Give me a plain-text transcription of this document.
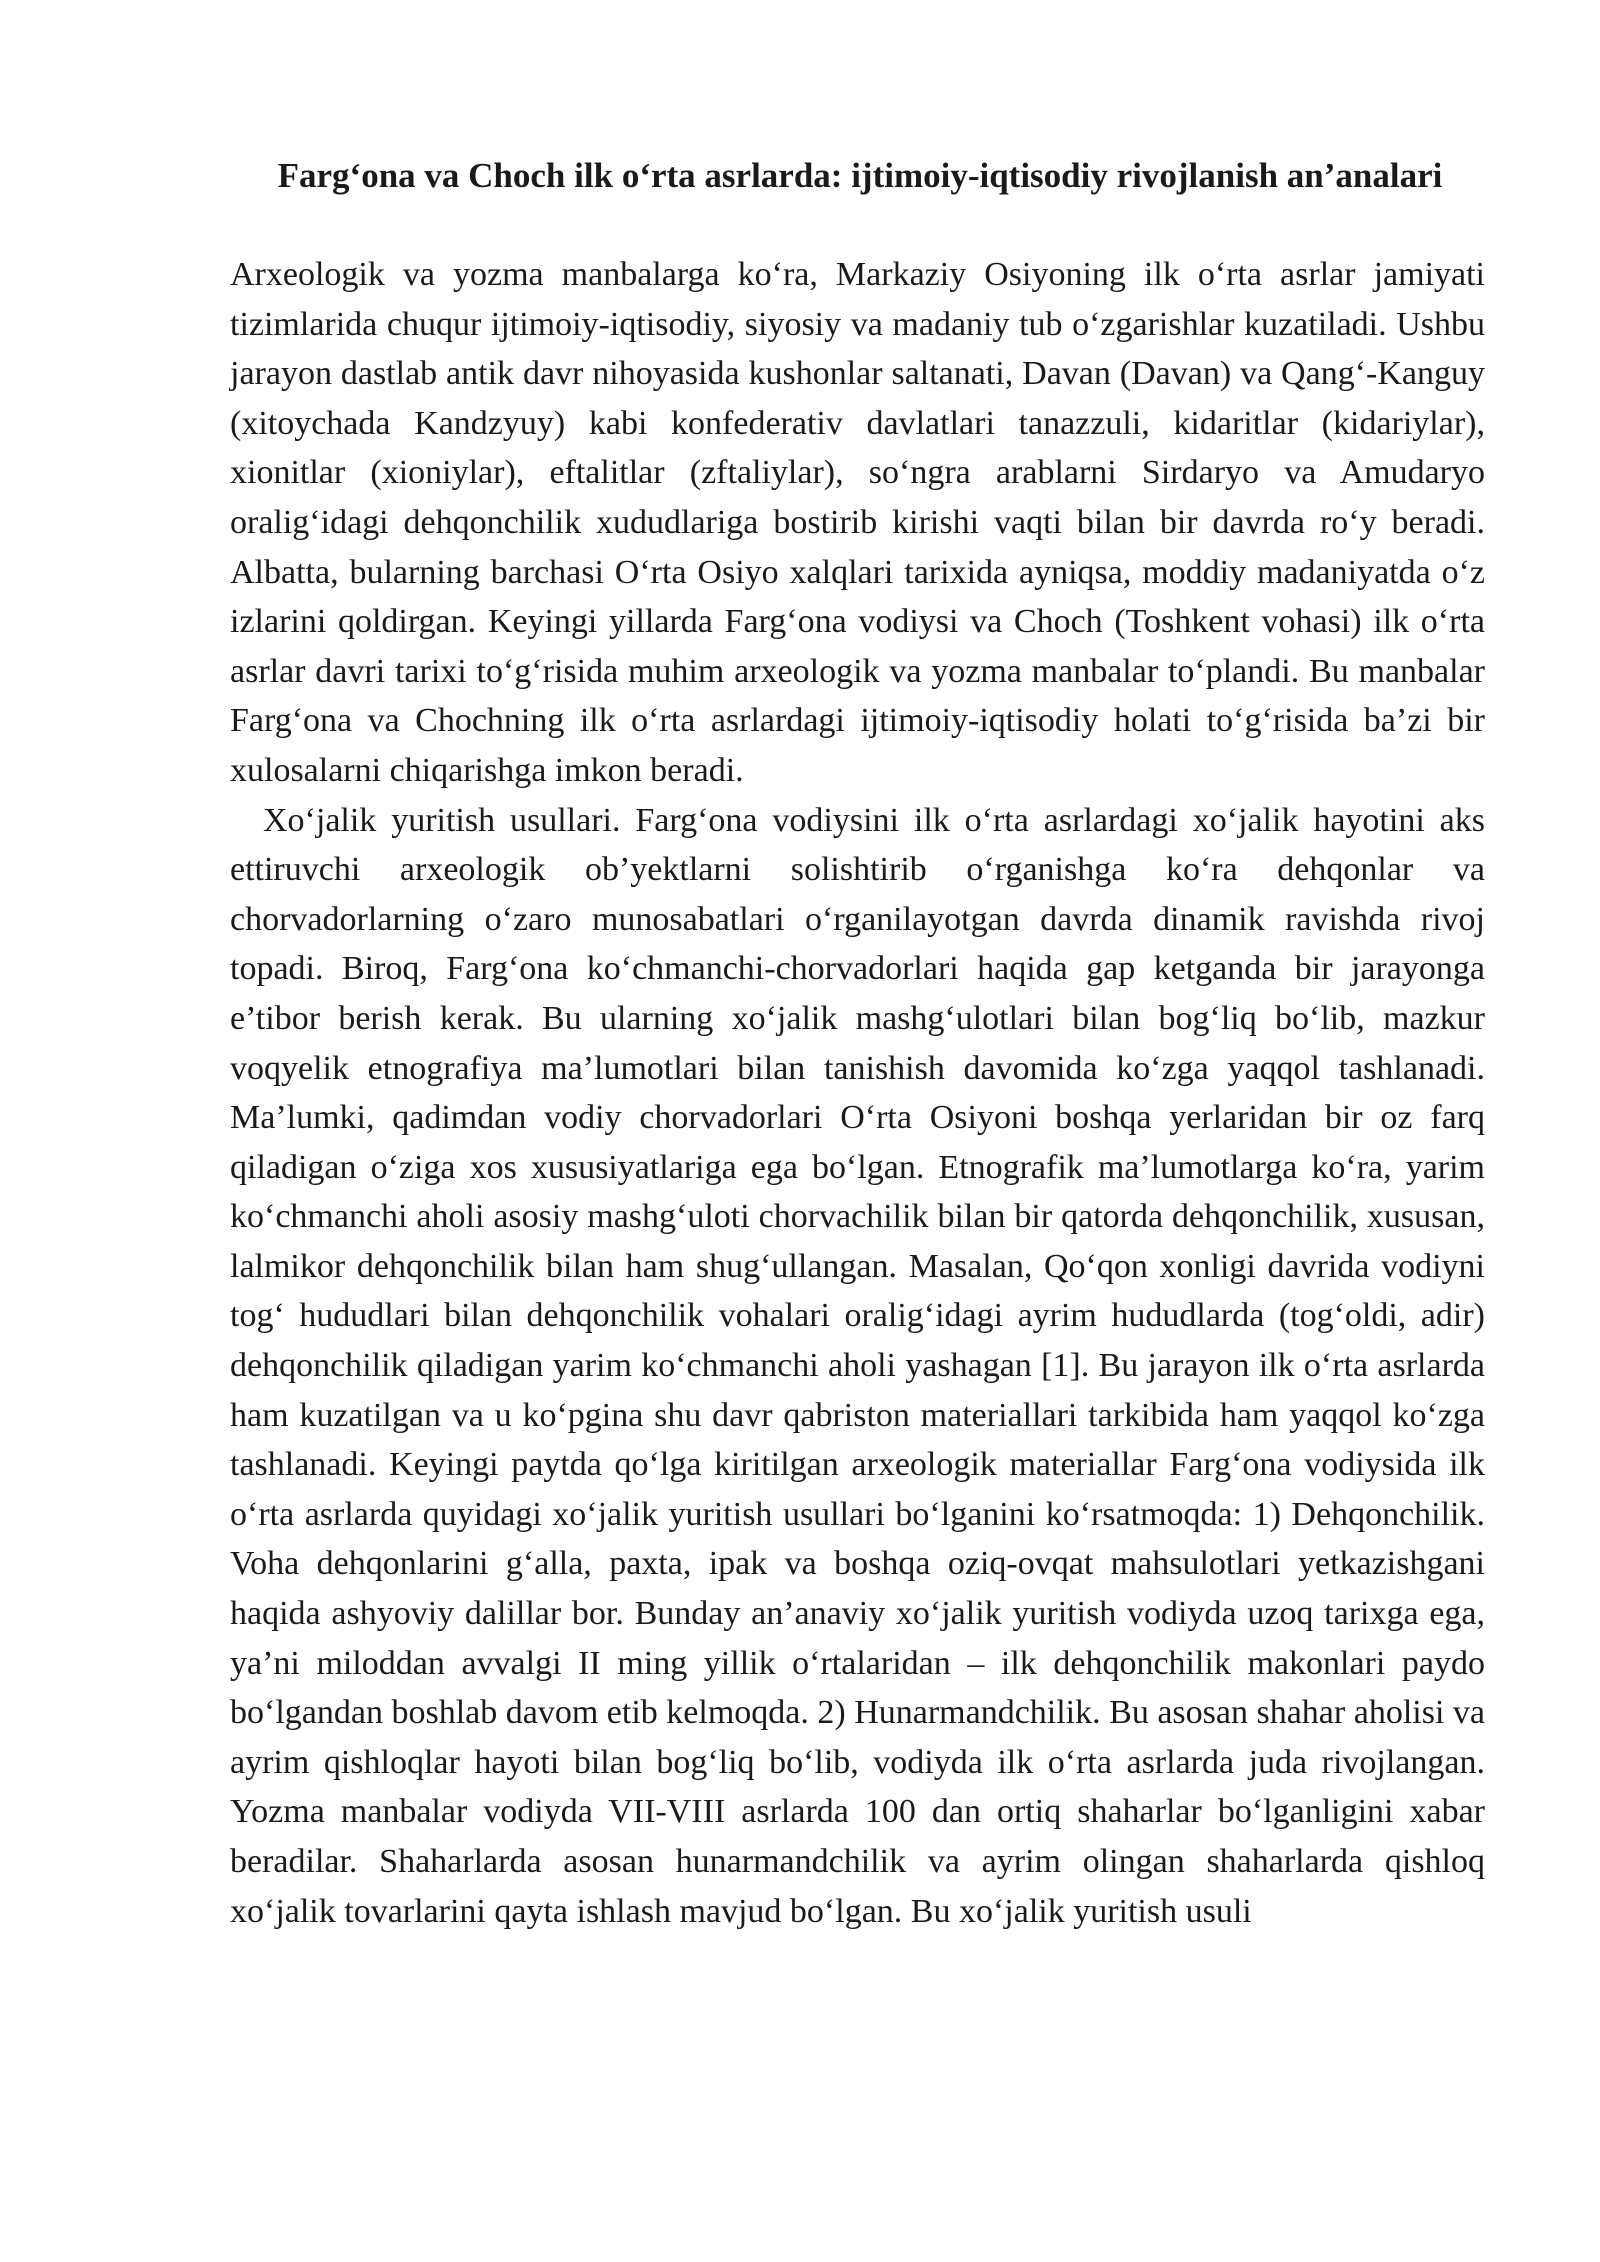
Farg‘ona va Choch ilk o‘rta asrlarda: ijtimoiy-iqtisodiy rivojlanish an’analari

Arxeologik va yozma manbalarga ko‘ra, Markaziy Osiyoning ilk o‘rta asrlar jamiyati tizimlarida chuqur ijtimoiy-iqtisodiy, siyosiy va madaniy tub o‘zgarishlar kuzatiladi. Ushbu jarayon dastlab antik davr nihoyasida kushonlar saltanati, Davan (Davan) va Qang‘-Kanguy (xitoychada Kandzyuy) kabi konfederativ davlatlari tanazzuli, kidaritlar (kidariylar), xionitlar (xioniylar), eftalitlar (zftaliylar), so‘ngra arablarni Sirdaryo va Amudaryo oralig‘idagi dehqonchilik xududlariga bostirib kirishi vaqti bilan bir davrda ro‘y beradi. Albatta, bularning barchasi O‘rta Osiyo xalqlari tarixida ayniqsa, moddiy madaniyatda o‘z izlarini qoldirgan. Keyingi yillarda Farg‘ona vodiysi va Choch (Toshkent vohasi) ilk o‘rta asrlar davri tarixi to‘g‘risida muhim arxeologik va yozma manbalar to‘plandi. Bu manbalar Farg‘ona va Chochning ilk o‘rta asrlardagi ijtimoiy-iqtisodiy holati to‘g‘risida ba’zi bir xulosalarni chiqarishga imkon beradi.

Xo‘jalik yuritish usullari. Farg‘ona vodiysini ilk o‘rta asrlardagi xo‘jalik hayotini aks ettiruvchi arxeologik ob’yektlarni solishtirib o‘rganishga ko‘ra dehqonlar va chorvadorlarning o‘zaro munosabatlari o‘rganilayotgan davrda dinamik ravishda rivoj topadi. Biroq, Farg‘ona ko‘chmanchi-chorvadorlari haqida gap ketganda bir jarayonga e’tibor berish kerak. Bu ularning xo‘jalik mashg‘ulotlari bilan bog‘liq bo‘lib, mazkur voqyelik etnografiya ma’lumotlari bilan tanishish davomida ko‘zga yaqqol tashlanadi. Ma’lumki, qadimdan vodiy chorvadorlari O‘rta Osiyoni boshqa yerlaridan bir oz farq qiladigan o‘ziga xos xususiyatlariga ega bo‘lgan. Etnografik ma’lumotlarga ko‘ra, yarim ko‘chmanchi aholi asosiy mashg‘uloti chorvachilik bilan bir qatorda dehqonchilik, xususan, lalmikor dehqonchilik bilan ham shug‘ullangan. Masalan, Qo‘qon xonligi davrida vodiyni tog‘ hududlari bilan dehqonchilik vohalari oralig‘idagi ayrim hududlarda (tog‘oldi, adir) dehqonchilik qiladigan yarim ko‘chmanchi aholi yashagan [1]. Bu jarayon ilk o‘rta asrlarda ham kuzatilgan va u ko‘pgina shu davr qabriston materiallari tarkibida ham yaqqol ko‘zga tashlanadi. Keyingi paytda qo‘lga kiritilgan arxeologik materiallar Farg‘ona vodiysida ilk o‘rta asrlarda quyidagi xo‘jalik yuritish usullari bo‘lganini ko‘rsatmoqda: 1) Dehqonchilik. Voha dehqonlarini g‘alla, paxta, ipak va boshqa oziq-ovqat mahsulotlari yetkazishgani haqida ashyoviy dalillar bor. Bunday an’anaviy xo‘jalik yuritish vodiyda uzoq tarixga ega, ya’ni miloddan avvalgi II ming yillik o‘rtalaridan – ilk dehqonchilik makonlari paydo bo‘lgandan boshlab davom etib kelmoqda. 2) Hunarmandchilik. Bu asosan shahar aholisi va ayrim qishloqlar hayoti bilan bog‘liq bo‘lib, vodiyda ilk o‘rta asrlarda juda rivojlangan. Yozma manbalar vodiyda VII-VIII asrlarda 100 dan ortiq shaharlar bo‘lganligini xabar beradilar. Shaharlarda asosan hunarmandchilik va ayrim olingan shaharlarda qishloq xo‘jalik tovarlarini qayta ishlash mavjud bo‘lgan. Bu xo‘jalik yuritish usuli
